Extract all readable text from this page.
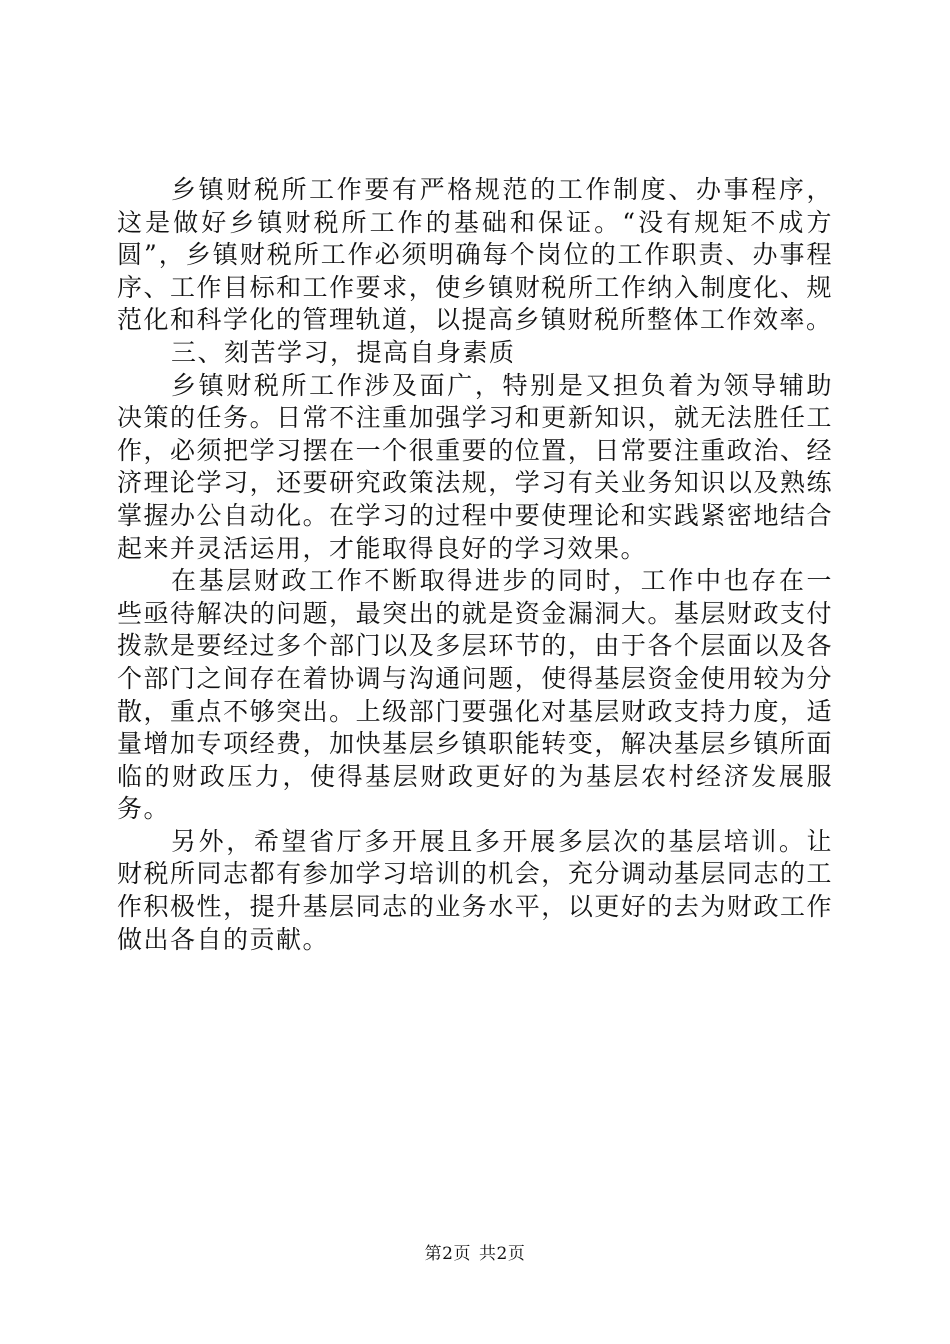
乡镇财税所工作要有严格规范的工作制度、办事程序，这是做好乡镇财税所工作的基础和保证。“没有规矩不成方圆”，乡镇财税所工作必须明确每个岗位的工作职责、办事程序、工作目标和工作要求，使乡镇财税所工作纳入制度化、规范化和科学化的管理轨道，以提高乡镇财税所整体工作效率。

三、刻苦学习，提高自身素质

乡镇财税所工作涉及面广，特别是又担负着为领导辅助决策的任务。日常不注重加强学习和更新知识，就无法胜任工作，必须把学习摆在一个很重要的位置，日常要注重政治、经济理论学习，还要研究政策法规，学习有关业务知识以及熟练掌握办公自动化。在学习的过程中要使理论和实践紧密地结合起来并灵活运用，才能取得良好的学习效果。

在基层财政工作不断取得进步的同时，工作中也存在一些亟待解决的问题，最突出的就是资金漏洞大。基层财政支付拨款是要经过多个部门以及多层环节的，由于各个层面以及各个部门之间存在着协调与沟通问题，使得基层资金使用较为分散，重点不够突出。上级部门要强化对基层财政支持力度，适量增加专项经费，加快基层乡镇职能转变，解决基层乡镇所面临的财政压力，使得基层财政更好的为基层农村经济发展服务。

另外，希望省厅多开展且多开展多层次的基层培训。让财税所同志都有参加学习培训的机会，充分调动基层同志的工作积极性，提升基层同志的业务水平，以更好的去为财政工作做出各自的贡献。

第2页 共2页
